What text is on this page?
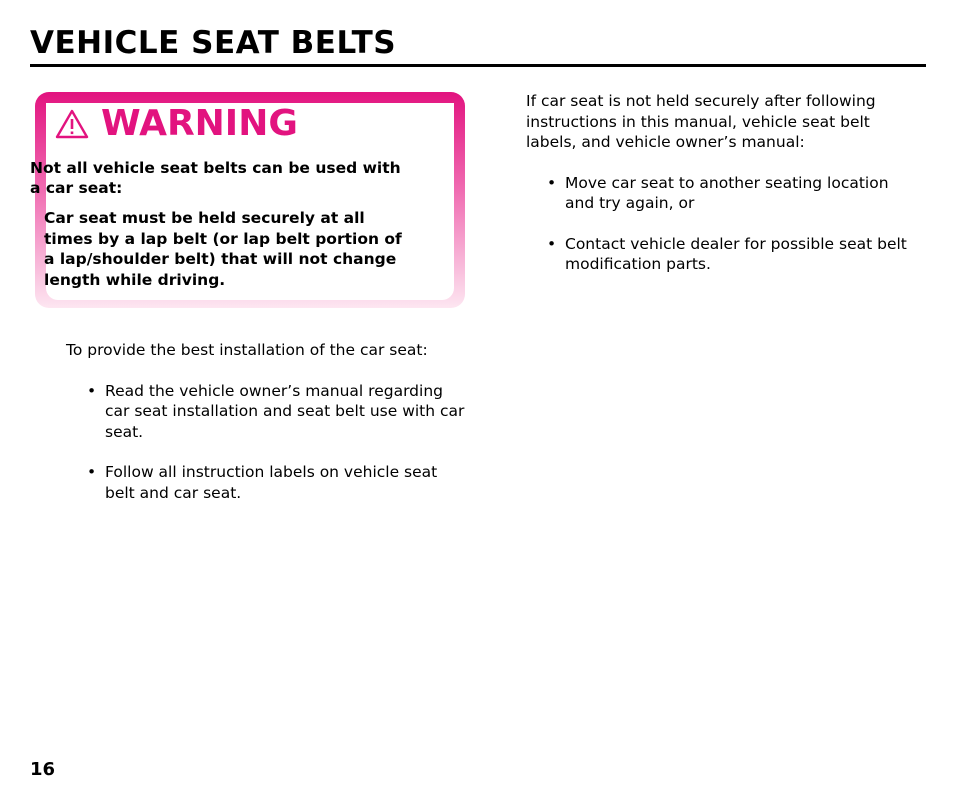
VEHICLE SEAT BELTS
WARNING

Not all vehicle seat belts can be used with a car seat:

Car seat must be held securely at all times by a lap belt (or lap belt portion of a lap/shoulder belt) that will not change length while driving.

To provide the best installation of the car seat:

• Read the vehicle owner’s manual regarding car seat installation and seat belt use with car seat.
• Follow all instruction labels on vehicle seat belt and car seat.

If car seat is not held securely after following instructions in this manual, vehicle seat belt labels, and vehicle owner’s manual:

• Move car seat to another seating location and try again, or
• Contact vehicle dealer for possible seat belt modification parts.

16
